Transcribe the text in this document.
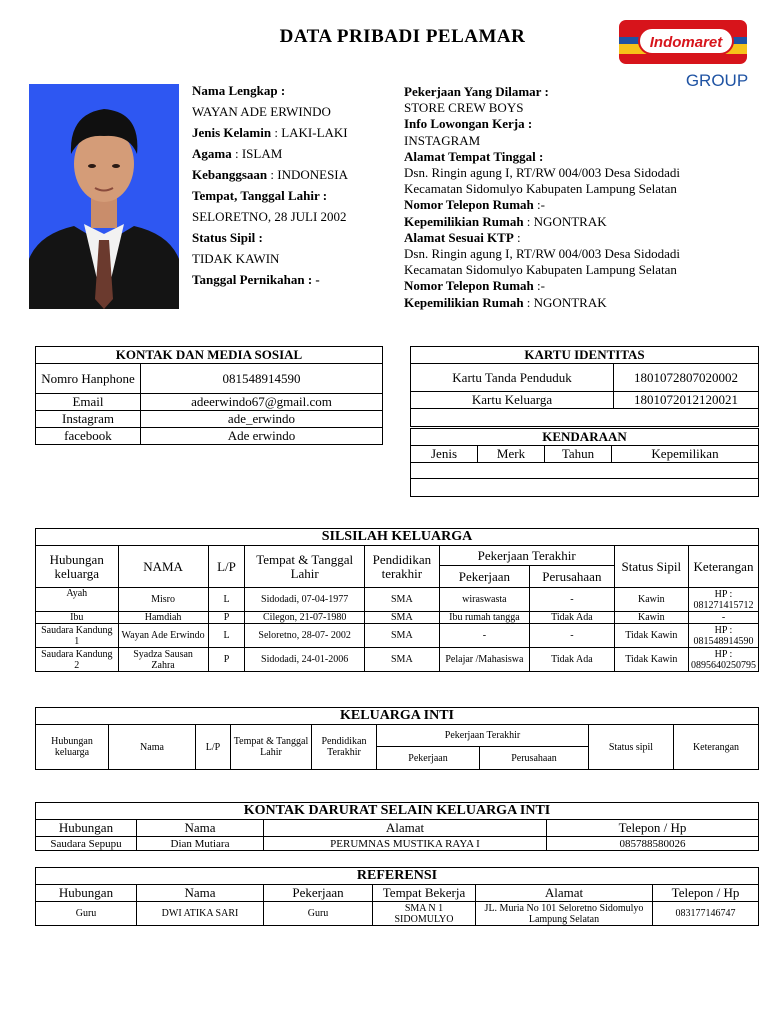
DATA PRIBADI PELAMAR	Indomaret
GROUP
Nama Lengkap :
WAYAN ADE ERWINDO
Jenis Kelamin : LAKI-LAKI
Agama : ISLAM
Kebanggsaan : INDONESIA
Tempat, Tanggal Lahir :
SELORETNO, 28 JULI 2002
Status Sipil :
TIDAK KAWIN
Tanggal Pernikahan : -
Pekerjaan Yang Dilamar :
STORE CREW BOYS
Info Lowongan Kerja :
INSTAGRAM
Alamat Tempat Tinggal :
Dsn. Ringin agung I, RT/RW 004/003 Desa Sidodadi
Kecamatan Sidomulyo Kabupaten Lampung Selatan
Nomor Telepon Rumah :-
Kepemilikian Rumah : NGONTRAK
Alamat Sesuai KTP :
Dsn. Ringin agung I, RT/RW 004/003 Desa Sidodadi
Kecamatan Sidomulyo Kabupaten Lampung Selatan
Nomor Telepon Rumah :-
Kepemilikian Rumah : NGONTRAK
KONTAK DAN MEDIA SOSIAL	
Nomro Hanphone	081548914590
Email	adeerwindo67@gmail.com
Instagram	ade_erwindo
facebook	Ade erwindo
KARTU IDENTITAS	
Kartu Tanda Penduduk	1801072807020002
Kartu Keluarga	1801072012120021

KENDARAAN
Jenis	Merk	Tahun	Kepemilikan

SILSILAH KELUARGA								
Hubungan keluarga	NAMA	L/P	Tempat & Tanggal Lahir	Pendidikan terakhir	Pekerjaan Terakhir		Status Sipil	Keterangan
					Pekerjaan	Perusahaan		
Ayah	Misro	L	Sidodadi, 07-04-1977	SMA	wiraswasta	-	Kawin	HP : 081271415712
Ibu	Hamdiah	P	Cilegon, 21-07-1980	SMA	Ibu rumah tangga	Tidak Ada	Kawin	-
Saudara Kandung 1	Wayan Ade Erwindo	L	Seloretno, 28-07- 2002	SMA	-	-	Tidak Kawin	HP : 081548914590
Saudara Kandung 2	Syadza Sausan Zahra	P	Sidodadi, 24-01-2006	SMA	Pelajar /Mahasiswa	Tidak Ada	Tidak Kawin	HP : 0895640250795
KELUARGA INTI								
Hubungan keluarga	Nama	L/P	Tempat & Tanggal Lahir	Pendidikan Terakhir	Pekerjaan Terakhir		Status sipil	Keterangan
					Pekerjaan	Perusahaan		
KONTAK DARURAT SELAIN KELUARGA INTI			
Hubungan	Nama	Alamat	Telepon / Hp
Saudara Sepupu	Dian Mutiara	PERUMNAS MUSTIKA RAYA I	085788580026
REFERENSI					
Hubungan	Nama	Pekerjaan	Tempat Bekerja	Alamat	Telepon / Hp
Guru	DWI ATIKA SARI	Guru	SMA N 1 SIDOMULYO	JL. Muria No 101 Seloretno Sidomulyo Lampung Selatan	083177146747
